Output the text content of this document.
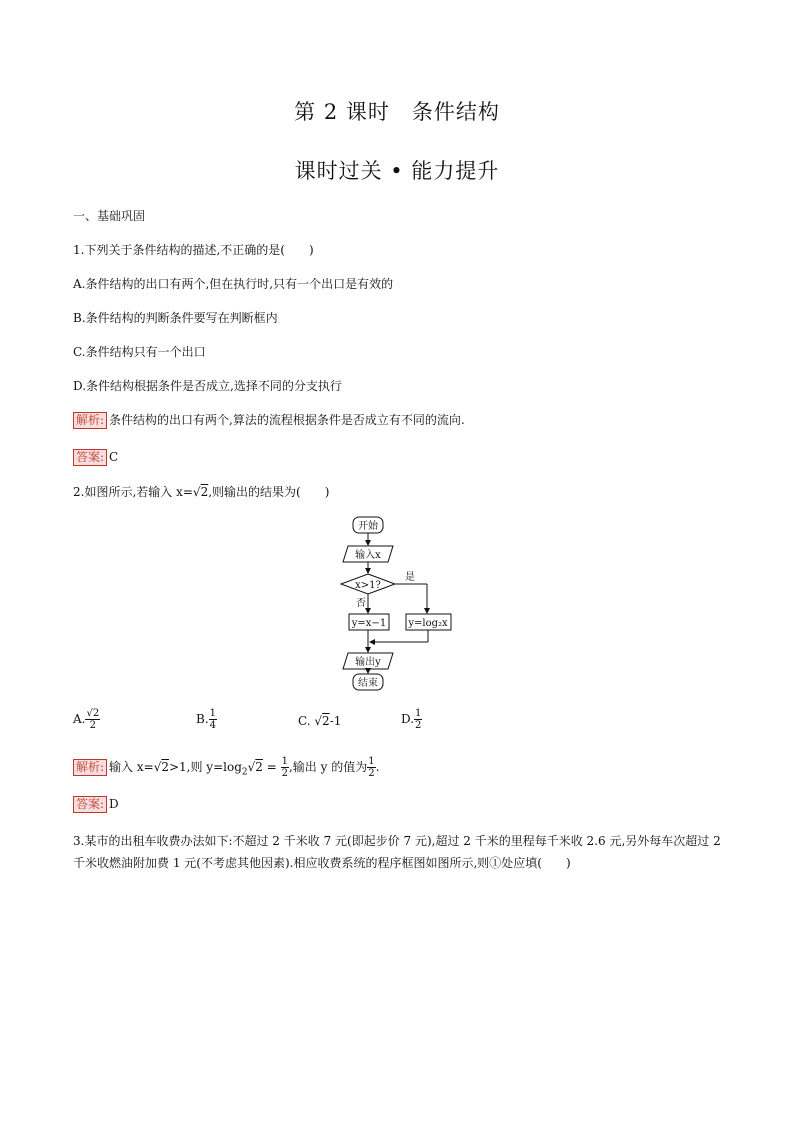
第 2 课时　条件结构
课时过关 • 能力提升
一、基础巩固
1.下列关于条件结构的描述,不正确的是(　　)
A.条件结构的出口有两个,但在执行时,只有一个出口是有效的
B.条件结构的判断条件要写在判断框内
C.条件结构只有一个出口
D.条件结构根据条件是否成立,选择不同的分支执行
解析: 条件结构的出口有两个,算法的流程根据条件是否成立有不同的流向.
答案: C
2.如图所示,若输入 x=√2,则输出的结果为(　　)
开始
输入x
x>1?
是
否
y=x−1 y=log₂x
输出y
结束
A. $\frac{√2}{2}$	B. $\frac{1}{4}$	C. √2-1	D. $\frac{1}{2}$
解析: 输入 x=√2>1,则 $y=\log_2√2 = \frac{1}{2}$ ,输出 y 的值为 $\frac{1}{2}$ .
答案: D
3.某市的出租车收费办法如下:不超过 2 千米收 7 元(即起步价 7 元),超过 2 千米的里程每千米收 2.6 元,另外每车次超过 2 千米收燃油附加费 1 元(不考虑其他因素).相应收费系统的程序框图如图所示,则①处应填(　　)
